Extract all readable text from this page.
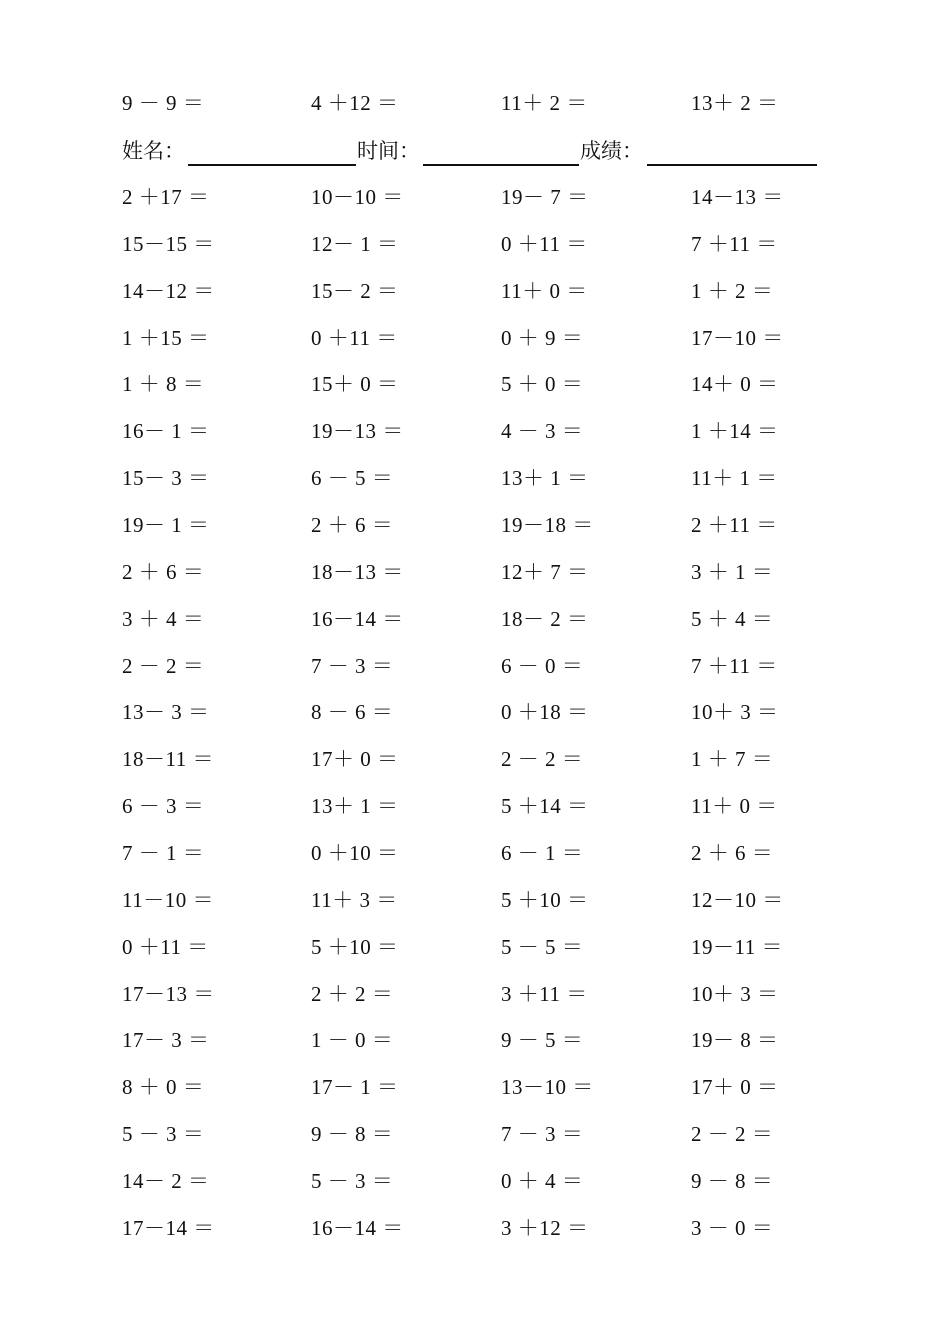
9 － 9 ＝	4 ＋12 ＝	11＋ 2 ＝	13＋ 2 ＝
姓名：	时间：	成绩：
2 ＋17 ＝	10－10 ＝	19－ 7 ＝	14－13 ＝
15－15 ＝	12－ 1 ＝	0 ＋11 ＝	7 ＋11 ＝
14－12 ＝	15－ 2 ＝	11＋ 0 ＝	1 ＋ 2 ＝
1 ＋15 ＝	0 ＋11 ＝	0 ＋ 9 ＝	17－10 ＝
1 ＋ 8 ＝	15＋ 0 ＝	5 ＋ 0 ＝	14＋ 0 ＝
16－ 1 ＝	19－13 ＝	4 － 3 ＝	1 ＋14 ＝
15－ 3 ＝	6 － 5 ＝	13＋ 1 ＝	11＋ 1 ＝
19－ 1 ＝	2 ＋ 6 ＝	19－18 ＝	2 ＋11 ＝
2 ＋ 6 ＝	18－13 ＝	12＋ 7 ＝	3 ＋ 1 ＝
3 ＋ 4 ＝	16－14 ＝	18－ 2 ＝	5 ＋ 4 ＝
2 － 2 ＝	7 － 3 ＝	6 － 0 ＝	7 ＋11 ＝
13－ 3 ＝	8 － 6 ＝	0 ＋18 ＝	10＋ 3 ＝
18－11 ＝	17＋ 0 ＝	2 － 2 ＝	1 ＋ 7 ＝
6 － 3 ＝	13＋ 1 ＝	5 ＋14 ＝	11＋ 0 ＝
7 － 1 ＝	0 ＋10 ＝	6 － 1 ＝	2 ＋ 6 ＝
11－10 ＝	11＋ 3 ＝	5 ＋10 ＝	12－10 ＝
0 ＋11 ＝	5 ＋10 ＝	5 － 5 ＝	19－11 ＝
17－13 ＝	2 ＋ 2 ＝	3 ＋11 ＝	10＋ 3 ＝
17－ 3 ＝	1 － 0 ＝	9 － 5 ＝	19－ 8 ＝
8 ＋ 0 ＝	17－ 1 ＝	13－10 ＝	17＋ 0 ＝
5 － 3 ＝	9 － 8 ＝	7 － 3 ＝	2 － 2 ＝
14－ 2 ＝	5 － 3 ＝	0 ＋ 4 ＝	9 － 8 ＝
17－14 ＝	16－14 ＝	3 ＋12 ＝	3 － 0 ＝
